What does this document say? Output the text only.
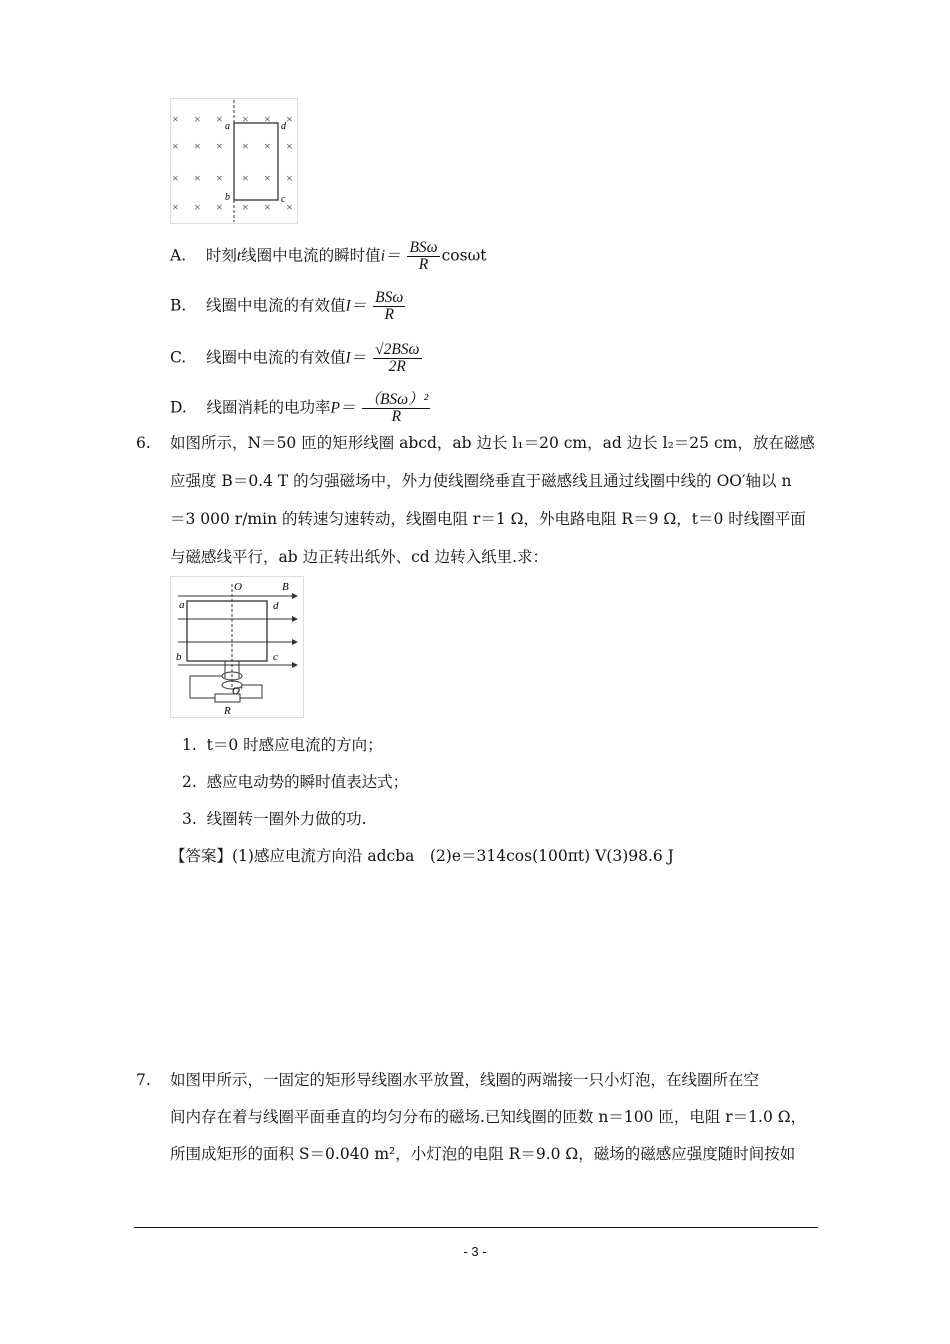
× × × × × ×
× × × × × ×
× × × × × ×
× × × × × ×
a	d
b	c
A. 时刻t线圈中电流的瞬时值$i= \frac{\text{BSω}}{R}$ cosωt
B. 线圈中电流的有效值$I= \frac{\text{BSω}}{R}$
C. 线圈中电流的有效值$I= \frac{\text{√2BSω}}{2R}$
D. 线圈消耗的电功率$P= \frac{\text{（BSω）²}}{R}$
6. 如图所示，N＝50 匝的矩形线圈 abcd，ab 边长 l₁＝20 cm，ad 边长 l₂＝25 cm，放在磁感
应强度 B＝0.4 T 的匀强磁场中，外力使线圈绕垂直于磁感线且通过线圈中线的 OO′轴以 n
＝3 000 r/min 的转速匀速转动，线圈电阻 r＝1 Ω，外电路电阻 R＝9 Ω，t＝0 时线圈平面
与磁感线平行，ab 边正转出纸外、cd 边转入纸里.求：
O	B
a	d
b	c
O′
R
1. t＝0 时感应电流的方向；
2. 感应电动势的瞬时值表达式；
3. 线圈转一圈外力做的功.
【答案】(1)感应电流方向沿 adcba　(2)e＝314cos(100πt) V(3)98.6 J
7. 如图甲所示，一固定的矩形导线圈水平放置，线圈的两端接一只小灯泡，在线圈所在空
间内存在着与线圈平面垂直的均匀分布的磁场.已知线圈的匝数 n＝100 匝，电阻 r＝1.0 Ω，
所围成矩形的面积 S＝0.040 m²，小灯泡的电阻 R＝9.0 Ω，磁场的磁感应强度随时间按如
- 3 -
